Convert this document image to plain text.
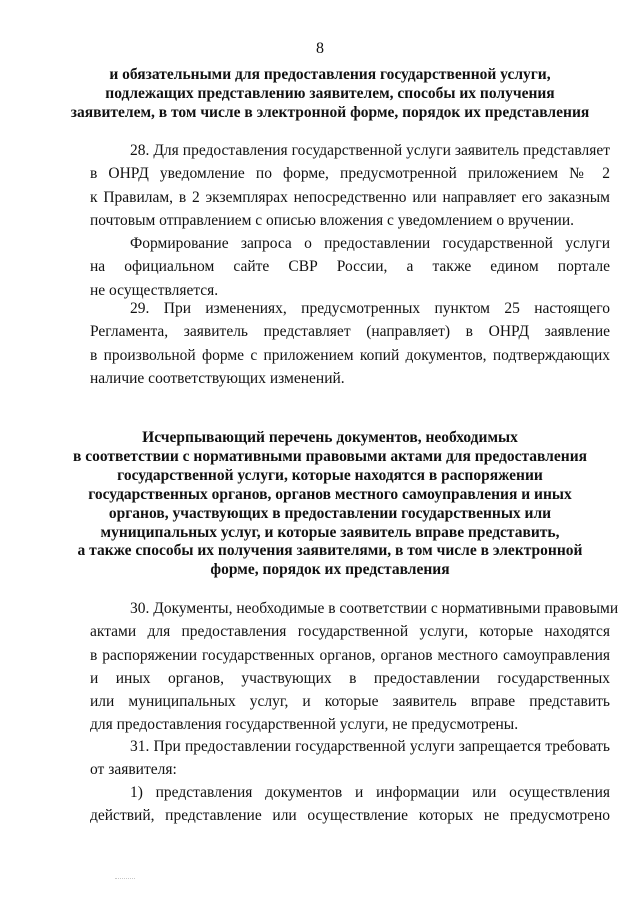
8
и обязательными для предоставления государственной услуги,
подлежащих представлению заявителем, способы их получения
заявителем, в том числе в электронной форме, порядок их представления
28. Для предоставления государственной услуги заявитель представляет
в ОНРД уведомление по форме, предусмотренной приложением № 2
к Правилам, в 2 экземплярах непосредственно или направляет его заказным
почтовым отправлением с описью вложения с уведомлением о вручении.
Формирование запроса о предоставлении государственной услуги
на официальном сайте СВР России, а также едином портале
не осуществляется.
29. При изменениях, предусмотренных пунктом 25 настоящего
Регламента, заявитель представляет (направляет) в ОНРД заявление
в произвольной форме с приложением копий документов, подтверждающих
наличие соответствующих изменений.
Исчерпывающий перечень документов, необходимых
в соответствии с нормативными правовыми актами для предоставления
государственной услуги, которые находятся в распоряжении
государственных органов, органов местного самоуправления и иных
органов, участвующих в предоставлении государственных или
муниципальных услуг, и которые заявитель вправе представить,
а также способы их получения заявителями, в том числе в электронной
форме, порядок их представления
30. Документы, необходимые в соответствии с нормативными правовыми
актами для предоставления государственной услуги, которые находятся
в распоряжении государственных органов, органов местного самоуправления
и иных органов, участвующих в предоставлении государственных
или муниципальных услуг, и которые заявитель вправе представить
для предоставления государственной услуги, не предусмотрены.
31. При предоставлении государственной услуги запрещается требовать
от заявителя:
1) представления документов и информации или осуществления
действий, представление или осуществление которых не предусмотрено
